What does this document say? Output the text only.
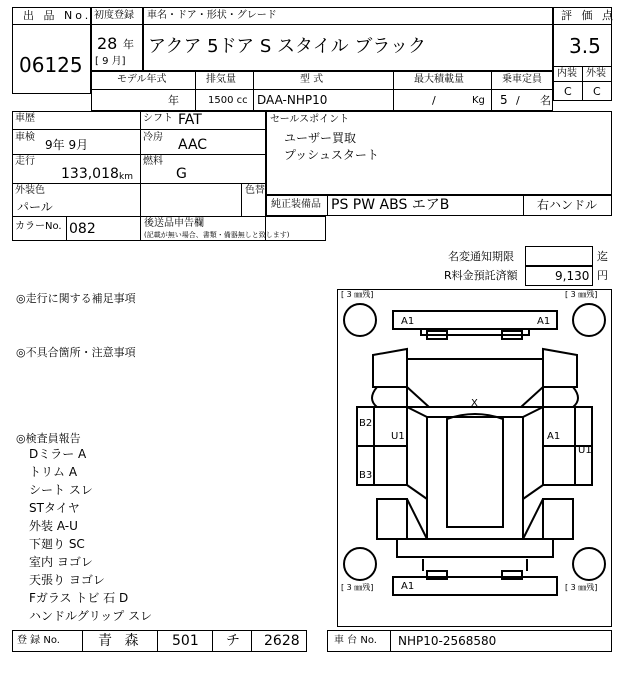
出 品 No.
06125
初度登録
28 年
[ 9 月]
車名・ドア・形状・グレード
アクア 5ドア S スタイル ブラック
評 価 点
3.5
内装 外装
C C
モデル年式	排気量	型 式	最大積載量	乗車定員
年	1500 cc DAA-NHP10	/	Kg 5 / 名
車歴	シフト FAT
車検
9年 9月
冷房 AAC
走行
133,018 km
燃料
G
外装色
パール
色替
カラーNo. 082	後送品申告欄
(記載が無い場合、書類・備器無しと致します)
セールスポイント
ユーザー買取
プッシュスタート
純正装備品 PS PW ABS エアB	右ハンドル
名変通知期限	迄
R料金預託済額	9,130 円
◎走行に関する補足事項
◎不具合箇所・注意事項
◎検査員報告
Dミラー A
トリム A
シート スレ
STタイヤ
外装 A-U
下廻り SC
室内 ヨゴレ
天張り ヨゴレ
Fガラス トビ 石 D
ハンドルグリップ スレ
[ 3 ㎜残]	[ 3 ㎜残]
[ 3 ㎜残]	[ 3 ㎜残]
A1	A1
X
B2
U1	A1
U1
B3
A1
登 録 No.	青 森 501 チ 2628	車 台 No. NHP10-2568580
